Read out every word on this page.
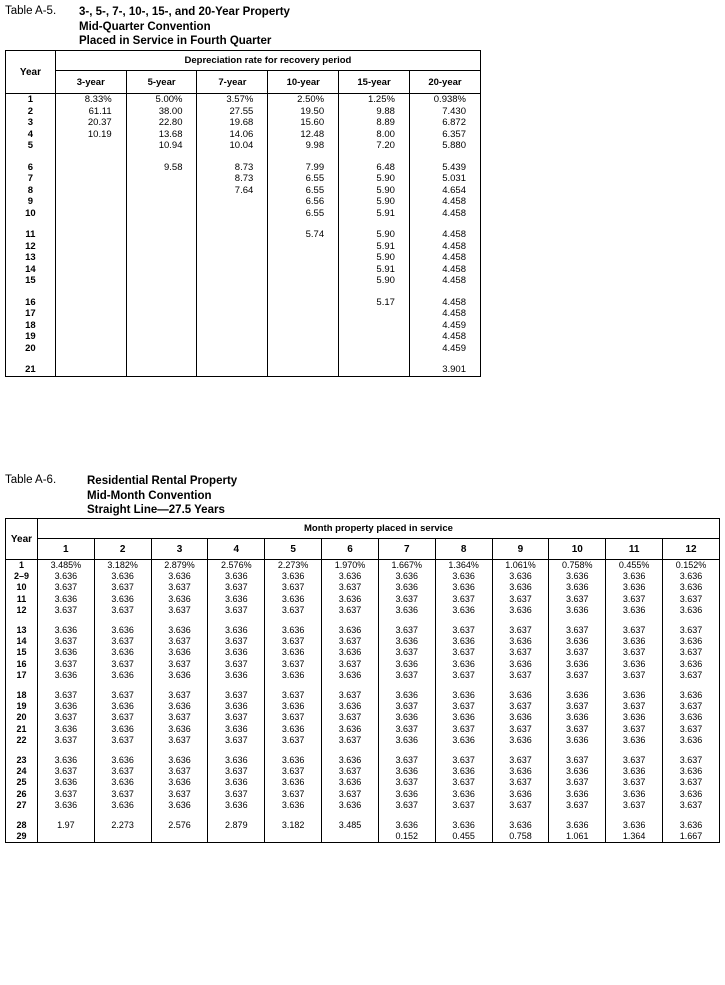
Table A-5.	3-, 5-, 7-, 10-, 15-, and 20-Year Property
Mid-Quarter Convention
Placed in Service in Fourth Quarter
Year	Depreciation rate for recovery period					
	3-year	5-year	7-year	10-year	15-year	20-year
1	8.33%	5.00%	3.57%	2.50%	1.25%	0.938%
2	61.11	38.00	27.55	19.50	9.88	7.430
3	20.37	22.80	19.68	15.60	8.89	6.872
4	10.19	13.68	14.06	12.48	8.00	6.357
5		10.94	10.04	9.98	7.20	5.880

6		9.58	8.73	7.99	6.48	5.439
7			8.73	6.55	5.90	5.031
8			7.64	6.55	5.90	4.654
9				6.56	5.90	4.458
10				6.55	5.91	4.458

11				5.74	5.90	4.458
12					5.91	4.458
13					5.90	4.458
14					5.91	4.458
15					5.90	4.458

16					5.17	4.458
17						4.458
18						4.459
19						4.458
20						4.459

21						3.901
Table A-6.	Residential Rental Property
Mid-Month Convention
Straight Line—27.5 Years
Year	Month property placed in service											
	1	2	3	4	5	6	7	8	9	10	11	12
1	3.485%	3.182%	2.879%	2.576%	2.273%	1.970%	1.667%	1.364%	1.061%	0.758%	0.455%	0.152%
2–9	3.636	3.636	3.636	3.636	3.636	3.636	3.636	3.636	3.636	3.636	3.636	3.636
10	3.637	3.637	3.637	3.637	3.637	3.637	3.636	3.636	3.636	3.636	3.636	3.636
11	3.636	3.636	3.636	3.636	3.636	3.636	3.637	3.637	3.637	3.637	3.637	3.637
12	3.637	3.637	3.637	3.637	3.637	3.637	3.636	3.636	3.636	3.636	3.636	3.636

13	3.636	3.636	3.636	3.636	3.636	3.636	3.637	3.637	3.637	3.637	3.637	3.637
14	3.637	3.637	3.637	3.637	3.637	3.637	3.636	3.636	3.636	3.636	3.636	3.636
15	3.636	3.636	3.636	3.636	3.636	3.636	3.637	3.637	3.637	3.637	3.637	3.637
16	3.637	3.637	3.637	3.637	3.637	3.637	3.636	3.636	3.636	3.636	3.636	3.636
17	3.636	3.636	3.636	3.636	3.636	3.636	3.637	3.637	3.637	3.637	3.637	3.637

18	3.637	3.637	3.637	3.637	3.637	3.637	3.636	3.636	3.636	3.636	3.636	3.636
19	3.636	3.636	3.636	3.636	3.636	3.636	3.637	3.637	3.637	3.637	3.637	3.637
20	3.637	3.637	3.637	3.637	3.637	3.637	3.636	3.636	3.636	3.636	3.636	3.636
21	3.636	3.636	3.636	3.636	3.636	3.636	3.637	3.637	3.637	3.637	3.637	3.637
22	3.637	3.637	3.637	3.637	3.637	3.637	3.636	3.636	3.636	3.636	3.636	3.636

23	3.636	3.636	3.636	3.636	3.636	3.636	3.637	3.637	3.637	3.637	3.637	3.637
24	3.637	3.637	3.637	3.637	3.637	3.637	3.636	3.636	3.636	3.636	3.636	3.636
25	3.636	3.636	3.636	3.636	3.636	3.636	3.637	3.637	3.637	3.637	3.637	3.637
26	3.637	3.637	3.637	3.637	3.637	3.637	3.636	3.636	3.636	3.636	3.636	3.636
27	3.636	3.636	3.636	3.636	3.636	3.636	3.637	3.637	3.637	3.637	3.637	3.637

28	1.97	2.273	2.576	2.879	3.182	3.485	3.636	3.636	3.636	3.636	3.636	3.636
29							0.152	0.455	0.758	1.061	1.364	1.667
